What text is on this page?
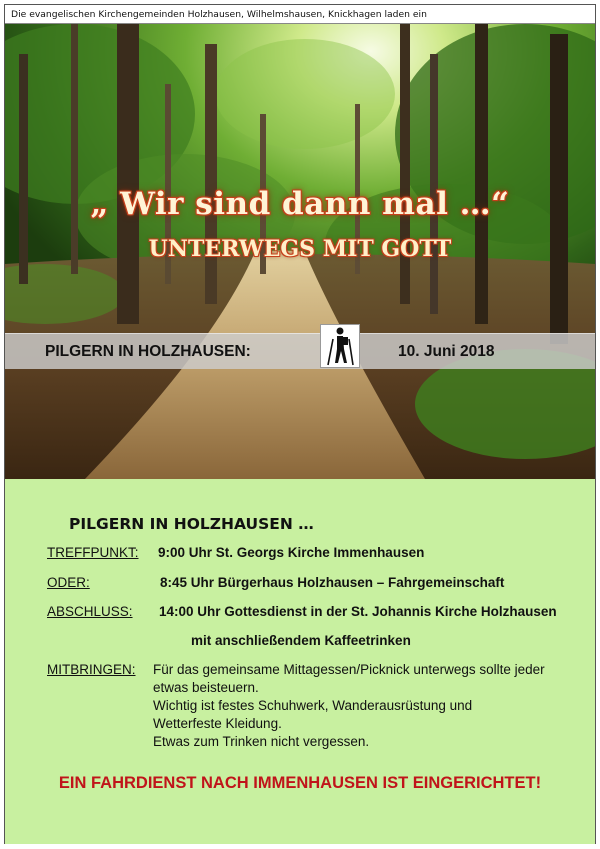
Die evangelischen Kirchengemeinden Holzhausen, Wilhelmshausen, Knickhagen laden ein
„ Wir sind dann mal …“
UNTERWEGS MIT GOTT
PILGERN IN HOLZHAUSEN:	10. Juni 2018
PILGERN IN HOLZHAUSEN …
TREFFPUNKT: 9:00 Uhr St. Georgs Kirche Immenhausen
ODER:	8:45 Uhr Bürgerhaus Holzhausen – Fahrgemeinschaft
ABSCHLUSS: 14:00 Uhr Gottesdienst in der St. Johannis Kirche Holzhausen
mit anschließendem Kaffeetrinken
MITBRINGEN: Für das gemeinsame Mittagessen/Picknick unterwegs sollte jeder
etwas beisteuern.
Wichtig ist festes Schuhwerk, Wanderausrüstung und
Wetterfeste Kleidung.
Etwas zum Trinken nicht vergessen.
EIN FAHRDIENST NACH IMMENHAUSEN IST EINGERICHTET!
